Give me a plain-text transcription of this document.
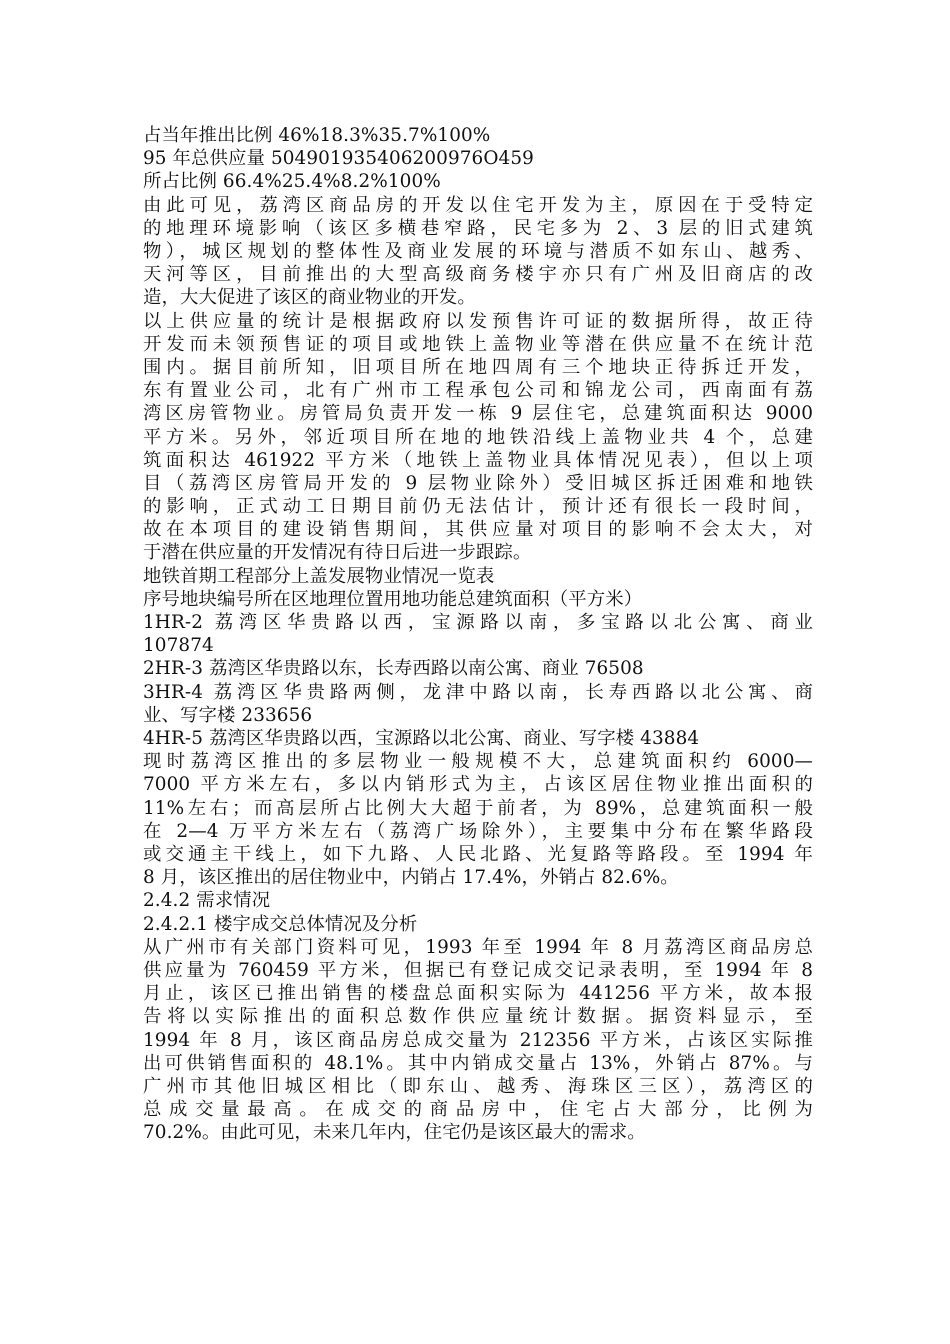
占当年推出比例 46%18.3%35.7%100%
95 年总供应量 504901935406200976O459
所占比例 66.4%25.4%8.2%100%
由此可见，荔湾区商品房的开发以住宅开发为主，原因在于受特定
的地理环境影响（该区多横巷窄路，民宅多为 2、3 层的旧式建筑
物），城区规划的整体性及商业发展的环境与潜质不如东山、越秀、
天河等区，目前推出的大型高级商务楼宇亦只有广州及旧商店的改
造，大大促进了该区的商业物业的开发。
以上供应量的统计是根据政府以发预售许可证的数据所得，故正待
开发而未领预售证的项目或地铁上盖物业等潜在供应量不在统计范
围内。据目前所知，旧项目所在地四周有三个地块正待拆迁开发，
东有置业公司，北有广州市工程承包公司和锦龙公司，西南面有荔
湾区房管物业。房管局负责开发一栋 9 层住宅，总建筑面积达 9000
平方米。另外，邻近项目所在地的地铁沿线上盖物业共 4 个，总建
筑面积达 461922 平方米（地铁上盖物业具体情况见表），但以上项
目（荔湾区房管局开发的 9 层物业除外）受旧城区拆迁困难和地铁
的影响，正式动工日期目前仍无法估计，预计还有很长一段时间，
故在本项目的建设销售期间，其供应量对项目的影响不会太大，对
于潜在供应量的开发情况有待日后进一步跟踪。
地铁首期工程部分上盖发展物业情况一览表
序号地块编号所在区地理位置用地功能总建筑面积（平方米）
1HR-2 荔湾区华贵路以西，宝源路以南，多宝路以北公寓、商业
107874
2HR-3 荔湾区华贵路以东，长寿西路以南公寓、商业 76508
3HR-4 荔湾区华贵路两侧，龙津中路以南，长寿西路以北公寓、商
业、写字楼 233656
4HR-5 荔湾区华贵路以西，宝源路以北公寓、商业、写字楼 43884
现时荔湾区推出的多层物业一般规模不大，总建筑面积约 6000—
7000 平方米左右，多以内销形式为主，占该区居住物业推出面积的
11%左右；而高层所占比例大大超于前者，为 89%，总建筑面积一般
在 2—4 万平方米左右（荔湾广场除外），主要集中分布在繁华路段
或交通主干线上，如下九路、人民北路、光复路等路段。至 1994 年
8 月，该区推出的居住物业中，内销占 17.4%，外销占 82.6%。
2.4.2 需求情况
2.4.2.1 楼宇成交总体情况及分析
从广州市有关部门资料可见，1993 年至 1994 年 8 月荔湾区商品房总
供应量为 760459 平方米，但据已有登记成交记录表明，至 1994 年 8
月止，该区已推出销售的楼盘总面积实际为 441256 平方米，故本报
告将以实际推出的面积总数作供应量统计数据。据资料显示，至
1994 年 8 月，该区商品房总成交量为 212356 平方米，占该区实际推
出可供销售面积的 48.1%。其中内销成交量占 13%，外销占 87%。与
广州市其他旧城区相比（即东山、越秀、海珠区三区），荔湾区的
总成交量最高。在成交的商品房中，住宅占大部分，比例为
70.2%。由此可见，未来几年内，住宅仍是该区最大的需求。
